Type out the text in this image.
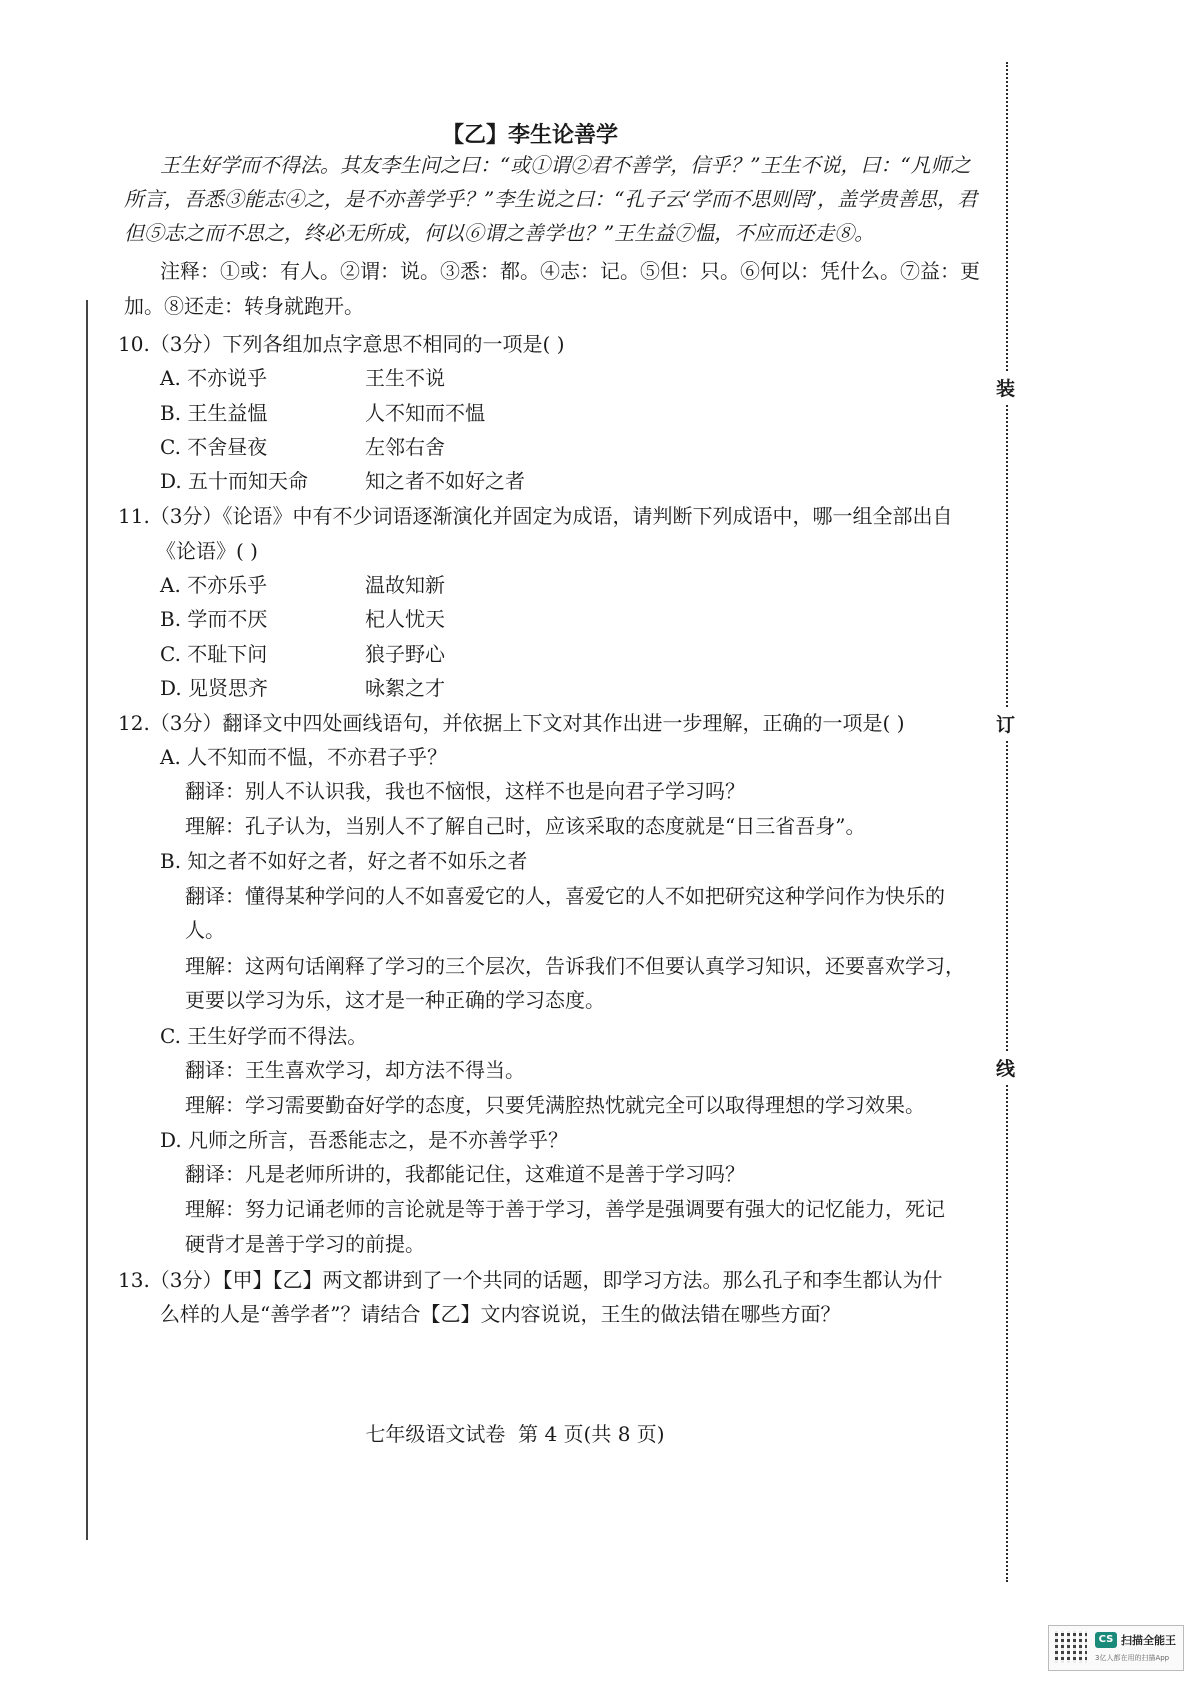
装
订
线
【乙】李生论善学
王生好学而不得法。其友李生问之曰：“或①谓②君不善学，信乎？”王生不说，曰：“凡师之
所言，吾悉③能志④之，是不亦善学乎？”李生说之曰：“孔子云‘学而不思则罔’，盖学贵善思，君
但⑤志之而不思之，终必无所成，何以⑥谓之善学也？”王生益⑦愠，不应而还走⑧。
注释：①或：有人。②谓：说。③悉：都。④志：记。⑤但：只。⑥何以：凭什么。⑦益：更
加。⑧还走：转身就跑开。
10.（3分）下列各组加点字意思不相同的一项是( )
A. 不亦说乎	王生不说
B. 王生益愠	人不知而不愠
C. 不舍昼夜	左邻右舍
D. 五十而知天命	知之者不如好之者
11.（3分）《论语》中有不少词语逐渐演化并固定为成语，请判断下列成语中，哪一组全部出自
《论语》( )
A. 不亦乐乎	温故知新
B. 学而不厌	杞人忧天
C. 不耻下问	狼子野心
D. 见贤思齐	咏絮之才
12.（3分）翻译文中四处画线语句，并依据上下文对其作出进一步理解，正确的一项是( )
A. 人不知而不愠，不亦君子乎？
翻译：别人不认识我，我也不恼恨，这样不也是向君子学习吗？
理解：孔子认为，当别人不了解自己时，应该采取的态度就是“日三省吾身”。
B. 知之者不如好之者，好之者不如乐之者
翻译：懂得某种学问的人不如喜爱它的人，喜爱它的人不如把研究这种学问作为快乐的
人。
理解：这两句话阐释了学习的三个层次，告诉我们不但要认真学习知识，还要喜欢学习，
更要以学习为乐，这才是一种正确的学习态度。
C. 王生好学而不得法。
翻译：王生喜欢学习，却方法不得当。
理解：学习需要勤奋好学的态度，只要凭满腔热忱就完全可以取得理想的学习效果。
D. 凡师之所言，吾悉能志之，是不亦善学乎？
翻译：凡是老师所讲的，我都能记住，这难道不是善于学习吗？
理解：努力记诵老师的言论就是等于善于学习，善学是强调要有强大的记忆能力，死记
硬背才是善于学习的前提。
13.（3分）【甲】【乙】两文都讲到了一个共同的话题，即学习方法。那么孔子和李生都认为什
么样的人是“善学者”？请结合【乙】文内容说说，王生的做法错在哪些方面？
七年级语文试卷  第 4 页(共 8 页)
CS 扫描全能王
3亿人都在用的扫描App
